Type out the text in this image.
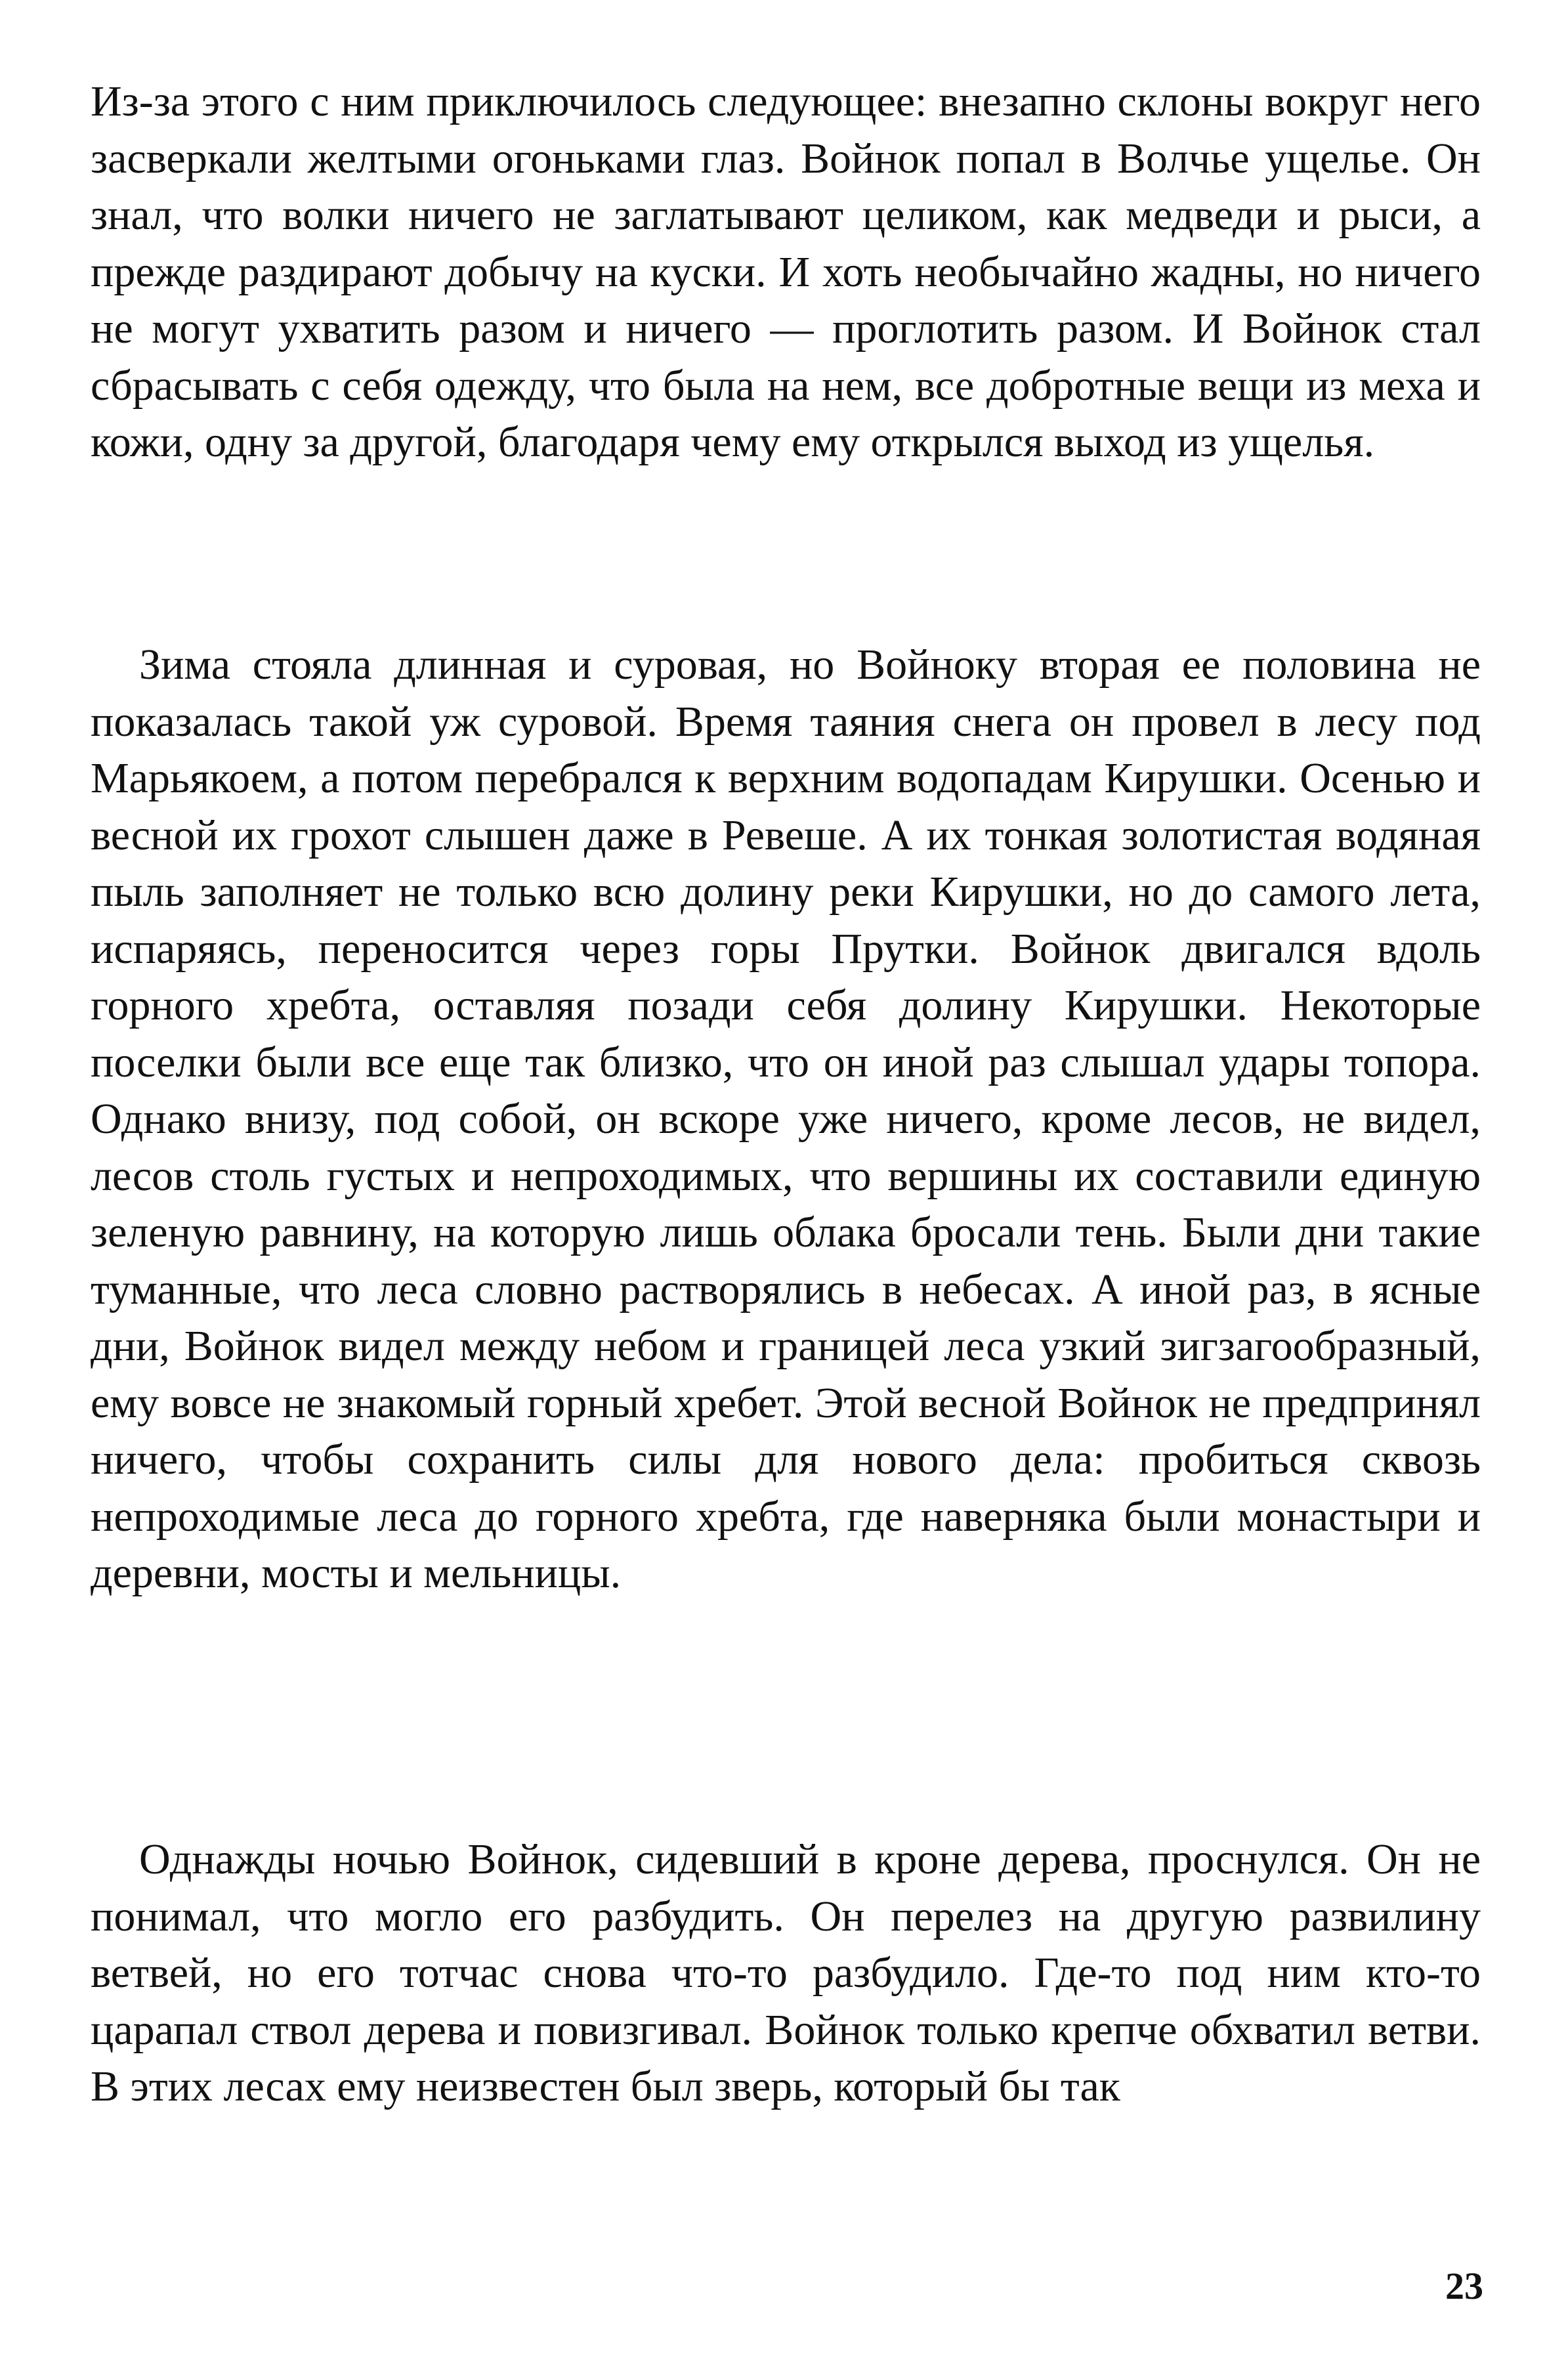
Из-за этого с ним приключилось следующее: внезапно склоны вокруг него засверкали желтыми огоньками глаз. Войнок попал в Волчье ущелье. Он знал, что волки ничего не заглатывают целиком, как медведи и рыси, а прежде раздирают добычу на куски. И хоть необычайно жадны, но ничего не могут ухватить разом и ничего — проглотить разом. И Войнок стал сбрасывать с себя одежду, что была на нем, все добротные вещи из меха и кожи, одну за другой, благодаря чему ему открылся выход из ущелья.

Зима стояла длинная и суровая, но Войноку вторая ее половина не показалась такой уж суровой. Время таяния снега он провел в лесу под Марьякоем, а потом перебрался к верхним водопадам Кирушки. Осенью и весной их грохот слышен даже в Ревеше. А их тонкая золотистая водяная пыль заполняет не только всю долину реки Кирушки, но до самого лета, испаряясь, переносится через горы Прутки. Войнок двигался вдоль горного хребта, оставляя позади себя долину Кирушки. Некоторые поселки были все еще так близко, что он иной раз слышал удары топора. Однако внизу, под собой, он вскоре уже ничего, кроме лесов, не видел, лесов столь густых и непроходимых, что вершины их составили единую зеленую равнину, на которую лишь облака бросали тень. Были дни такие туманные, что леса словно растворялись в небесах. А иной раз, в ясные дни, Войнок видел между небом и границей леса узкий зигзагообразный, ему вовсе не знакомый горный хребет. Этой весной Войнок не предпринял ничего, чтобы сохранить силы для нового дела: пробиться сквозь непроходимые леса до горного хребта, где наверняка были монастыри и деревни, мосты и мельницы.

Однажды ночью Войнок, сидевший в кроне дерева, проснулся. Он не понимал, что могло его разбудить. Он перелез на другую развилину ветвей, но его тотчас снова что-то разбудило. Где-то под ним кто-то царапал ствол дерева и повизгивал. Войнок только крепче обхватил ветви. В этих лесах ему неизвестен был зверь, который бы так

23
